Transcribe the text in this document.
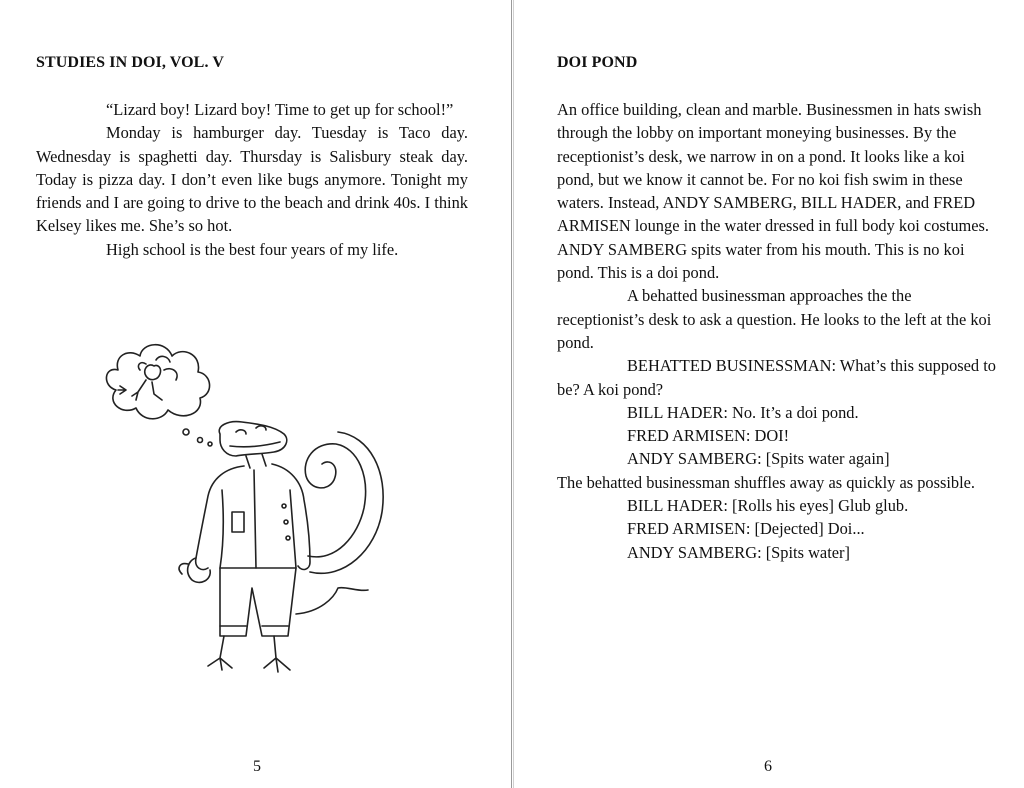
STUDIES IN DOI, VOL. V

“Lizard boy! Lizard boy! Time to get up for school!”

Monday is hamburger day. Tuesday is Taco day. Wednesday is spaghetti day. Thursday is Salisbury steak day. Today is pizza day. I don’t even like bugs anymore. Tonight my friends and I are going to drive to the beach and drink 40s. I think Kelsey likes me. She’s so hot.

High school is the best four years of my life.

5
DOI POND

An office building, clean and marble. Businessmen in hats swish through the lobby on important moneying businesses. By the receptionist’s desk, we narrow in on a pond. It looks like a koi pond, but we know it cannot be. For no koi fish swim in these waters. Instead, ANDY SAMBERG, BILL HADER, and FRED ARMISEN lounge in the water dressed in full body koi costumes. ANDY SAMBERG spits water from his mouth. This is no koi pond. This is a doi pond.

A behatted businessman approaches the the receptionist’s desk to ask a question. He looks to the left at the koi pond.

BEHATTED BUSINESSMAN: What’s this supposed to be? A koi pond?

BILL HADER: No. It’s a doi pond.

FRED ARMISEN: DOI!

ANDY SAMBERG: [Spits water again]

The behatted businessman shuffles away as quickly as possible.

BILL HADER: [Rolls his eyes] Glub glub.

FRED ARMISEN: [Dejected] Doi...

ANDY SAMBERG: [Spits water]

6
